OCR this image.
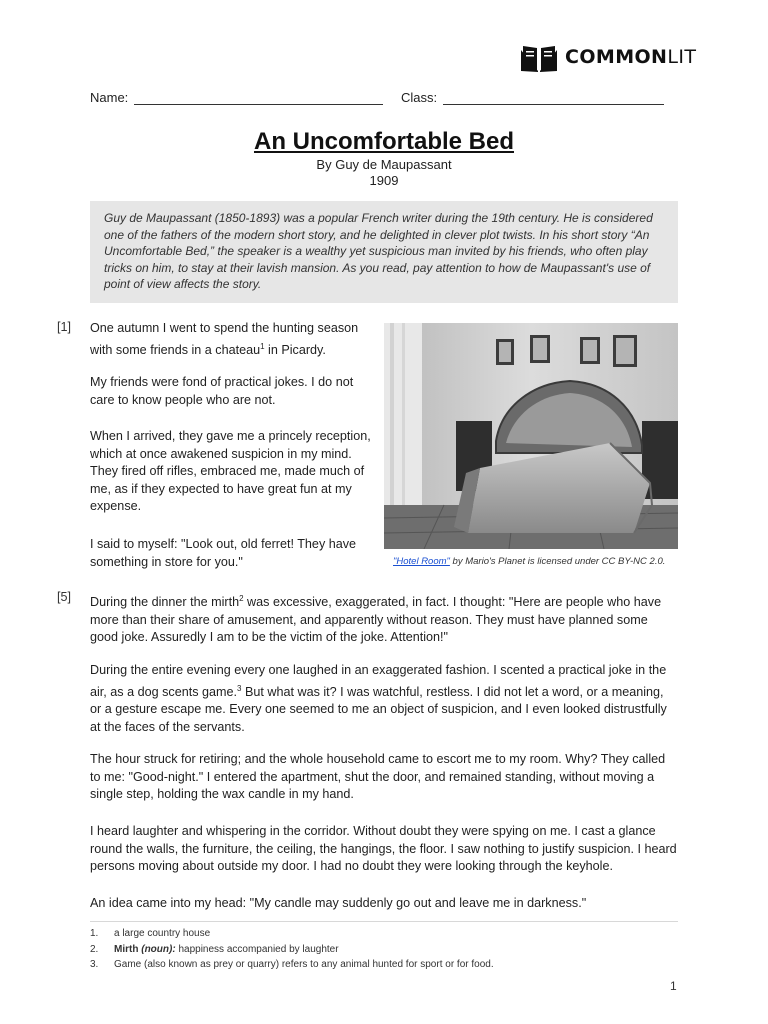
COMMONLIT
Name:	Class:
An Uncomfortable Bed
By Guy de Maupassant
1909
Guy de Maupassant (1850-1893) was a popular French writer during the 19th century. He is considered one of the fathers of the modern short story, and he delighted in clever plot twists. In his short story “An Uncomfortable Bed,” the speaker is a wealthy yet suspicious man invited by his friends, who often play tricks on him, to stay at their lavish mansion. As you read, pay attention to how de Maupassant's use of point of view affects the story.
[1]
[5]
One autumn I went to spend the hunting season with some friends in a chateau$^1$ in Picardy.
My friends were fond of practical jokes. I do not care to know people who are not.
When I arrived, they gave me a princely reception, which at once awakened suspicion in my mind. They fired off rifles, embraced me, made much of me, as if they expected to have great fun at my expense.
I said to myself: "Look out, old ferret! They have something in store for you."	"Hotel Room" by Mario's Planet is licensed under CC BY-NC 2.0.
During the dinner the mirth$^2$ was excessive, exaggerated, in fact. I thought: "Here are people who have more than their share of amusement, and apparently without reason. They must have planned some good joke. Assuredly I am to be the victim of the joke. Attention!"
During the entire evening every one laughed in an exaggerated fashion. I scented a practical joke in the air, as a dog scents game.$^3$ But what was it? I was watchful, restless. I did not let a word, or a meaning, or a gesture escape me. Every one seemed to me an object of suspicion, and I even looked distrustfully at the faces of the servants.
The hour struck for retiring; and the whole household came to escort me to my room. Why? They called to me: "Good-night." I entered the apartment, shut the door, and remained standing, without moving a single step, holding the wax candle in my hand.
I heard laughter and whispering in the corridor. Without doubt they were spying on me. I cast a glance round the walls, the furniture, the ceiling, the hangings, the floor. I saw nothing to justify suspicion. I heard persons moving about outside my door. I had no doubt they were looking through the keyhole.
An idea came into my head: "My candle may suddenly go out and leave me in darkness."
1.	a large country house
2.	Mirth (noun): happiness accompanied by laughter
3.	Game (also known as prey or quarry) refers to any animal hunted for sport or for food.
1
